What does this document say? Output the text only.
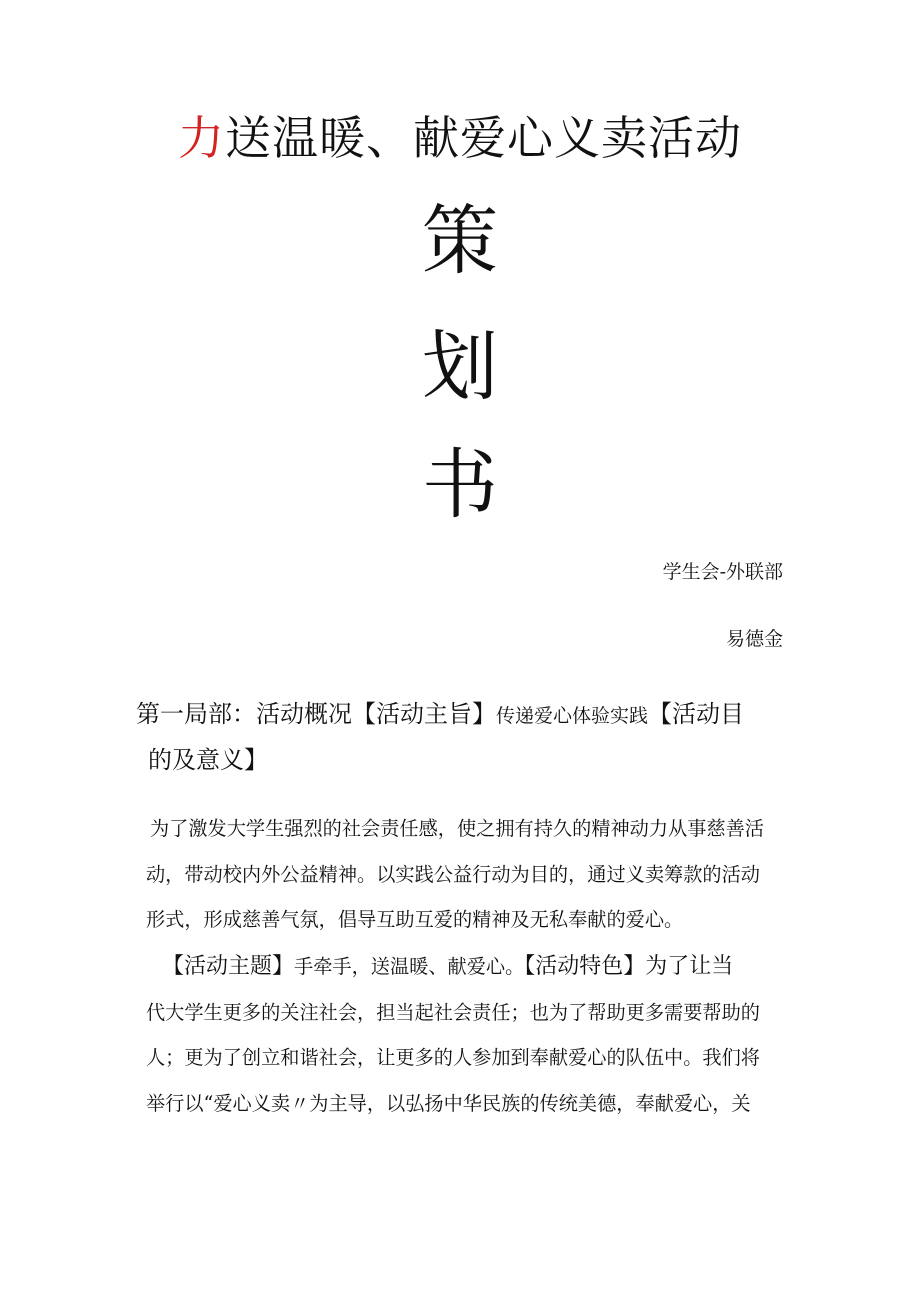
力送温暖、献爱心义卖活动
策
划
书
学生会-外联部
易德金
第一局部：活动概况【活动主旨】传递爱心体验实践【活动目
的及意义】
为了激发大学生强烈的社会责任感，使之拥有持久的精神动力从事慈善活
动，带动校内外公益精神。以实践公益行动为目的，通过义卖筹款的活动
形式，形成慈善气氛，倡导互助互爱的精神及无私奉献的爱心。
【活动主题】手牵手，送温暖、献爱心。【活动特色】为了让当
代大学生更多的关注社会，担当起社会责任；也为了帮助更多需要帮助的
人；更为了创立和谐社会，让更多的人参加到奉献爱心的队伍中。我们将
举行以“爱心义卖〃为主导，以弘扬中华民族的传统美德，奉献爱心，关
